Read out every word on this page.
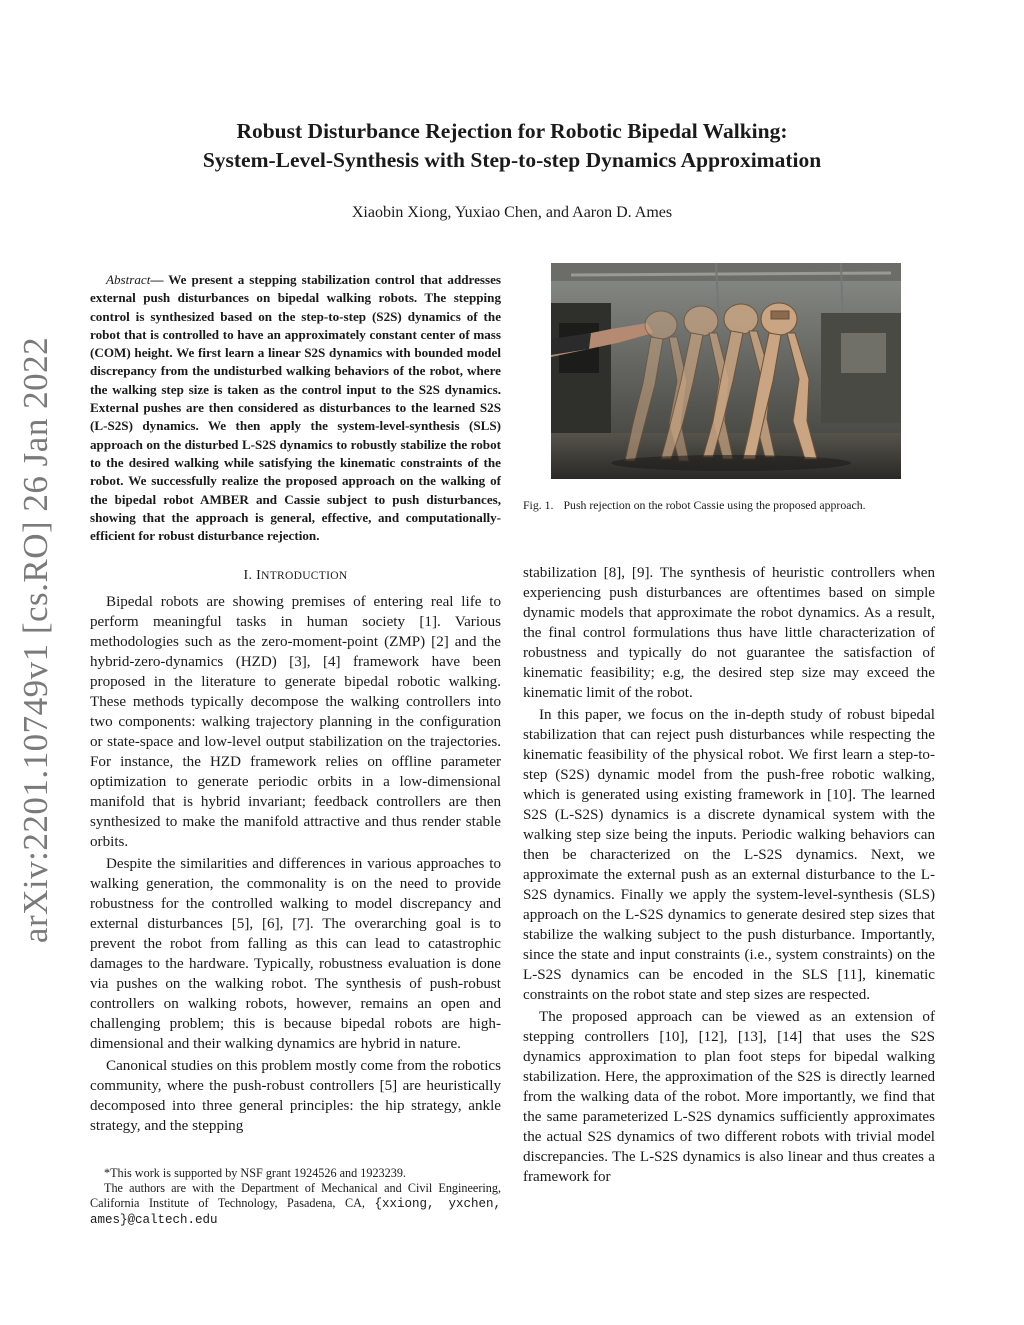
arXiv:2201.10749v1 [cs.RO] 26 Jan 2022
Robust Disturbance Rejection for Robotic Bipedal Walking:
System-Level-Synthesis with Step-to-step Dynamics Approximation
Xiaobin Xiong, Yuxiao Chen, and Aaron D. Ames

Abstract— We present a stepping stabilization control that addresses external push disturbances on bipedal walking robots. The stepping control is synthesized based on the step-to-step (S2S) dynamics of the robot that is controlled to have an approximately constant center of mass (COM) height. We first learn a linear S2S dynamics with bounded model discrepancy from the undisturbed walking behaviors of the robot, where the walking step size is taken as the control input to the S2S dynamics. External pushes are then considered as disturbances to the learned S2S (L-S2S) dynamics. We then apply the system-level-synthesis (SLS) approach on the disturbed L-S2S dynamics to robustly stabilize the robot to the desired walking while satisfying the kinematic constraints of the robot. We successfully realize the proposed approach on the walking of the bipedal robot AMBER and Cassie subject to push disturbances, showing that the approach is general, effective, and computationally-efficient for robust disturbance rejection.

I. INTRODUCTION

Bipedal robots are showing premises of entering real life to perform meaningful tasks in human society [1]. Various methodologies such as the zero-moment-point (ZMP) [2] and the hybrid-zero-dynamics (HZD) [3], [4] framework have been proposed in the literature to generate bipedal robotic walking. These methods typically decompose the walking controllers into two components: walking trajectory planning in the configuration or state-space and low-level output stabilization on the trajectories. For instance, the HZD framework relies on offline parameter optimization to generate periodic orbits in a low-dimensional manifold that is hybrid invariant; feedback controllers are then synthesized to make the manifold attractive and thus render stable orbits.

Despite the similarities and differences in various approaches to walking generation, the commonality is on the need to provide robustness for the controlled walking to model discrepancy and external disturbances [5], [6], [7]. The overarching goal is to prevent the robot from falling as this can lead to catastrophic damages to the hardware. Typically, robustness evaluation is done via pushes on the walking robot. The synthesis of push-robust controllers on walking robots, however, remains an open and challenging problem; this is because bipedal robots are high-dimensional and their walking dynamics are hybrid in nature.

Canonical studies on this problem mostly come from the robotics community, where the push-robust controllers [5] are heuristically decomposed into three general principles: the hip strategy, ankle strategy, and the stepping

*This work is supported by NSF grant 1924526 and 1923239.

The authors are with the Department of Mechanical and Civil Engineering, California Institute of Technology, Pasadena, CA, {xxiong, yxchen, ames}@caltech.edu

Fig. 1. Push rejection on the robot Cassie using the proposed approach.

stabilization [8], [9]. The synthesis of heuristic controllers when experiencing push disturbances are oftentimes based on simple dynamic models that approximate the robot dynamics. As a result, the final control formulations thus have little characterization of robustness and typically do not guarantee the satisfaction of kinematic feasibility; e.g, the desired step size may exceed the kinematic limit of the robot.

In this paper, we focus on the in-depth study of robust bipedal stabilization that can reject push disturbances while respecting the kinematic feasibility of the physical robot. We first learn a step-to-step (S2S) dynamic model from the push-free robotic walking, which is generated using existing framework in [10]. The learned S2S (L-S2S) dynamics is a discrete dynamical system with the walking step size being the inputs. Periodic walking behaviors can then be characterized on the L-S2S dynamics. Next, we approximate the external push as an external disturbance to the L-S2S dynamics. Finally we apply the system-level-synthesis (SLS) approach on the L-S2S dynamics to generate desired step sizes that stabilize the walking subject to the push disturbance. Importantly, since the state and input constraints (i.e., system constraints) on the L-S2S dynamics can be encoded in the SLS [11], kinematic constraints on the robot state and step sizes are respected.

The proposed approach can be viewed as an extension of stepping controllers [10], [12], [13], [14] that uses the S2S dynamics approximation to plan foot steps for bipedal walking stabilization. Here, the approximation of the S2S is directly learned from the walking data of the robot. More importantly, we find that the same parameterized L-S2S dynamics sufficiently approximates the actual S2S dynamics of two different robots with trivial model discrepancies. The L-S2S dynamics is also linear and thus creates a framework for
